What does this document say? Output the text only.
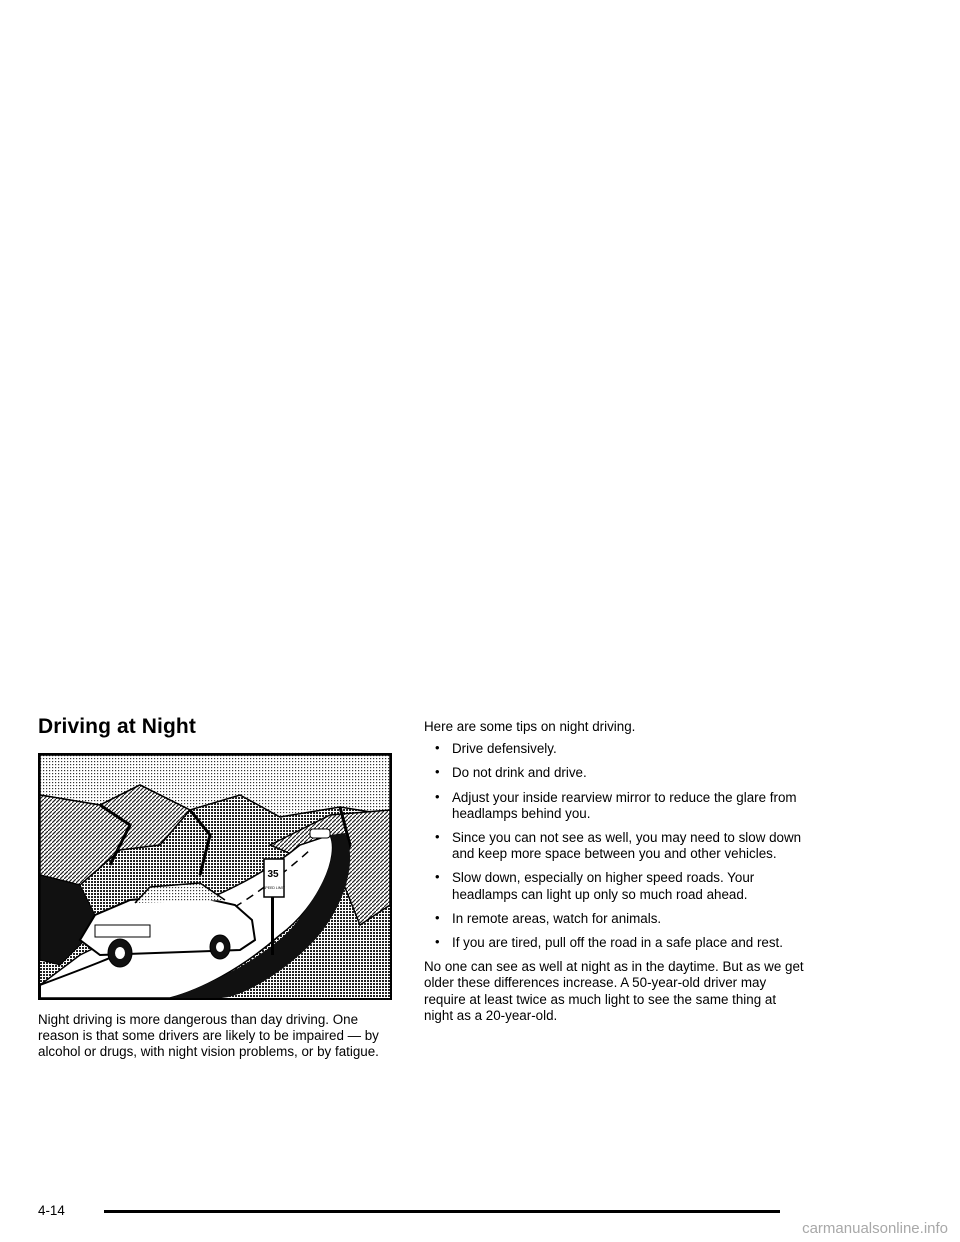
Driving at Night
35
SPEED LIMIT

Night driving is more dangerous than day driving. One reason is that some drivers are likely to be impaired — by alcohol or drugs, with night vision problems, or by fatigue.

Here are some tips on night driving.

• Drive defensively.
• Do not drink and drive.
• Adjust your inside rearview mirror to reduce the glare from headlamps behind you.
• Since you can not see as well, you may need to slow down and keep more space between you and other vehicles.
• Slow down, especially on higher speed roads. Your headlamps can light up only so much road ahead.
• In remote areas, watch for animals.
• If you are tired, pull off the road in a safe place and rest.

No one can see as well at night as in the daytime. But as we get older these differences increase. A 50-year-old driver may require at least twice as much light to see the same thing at night as a 20-year-old.

4-14
carmanualsonline.info
